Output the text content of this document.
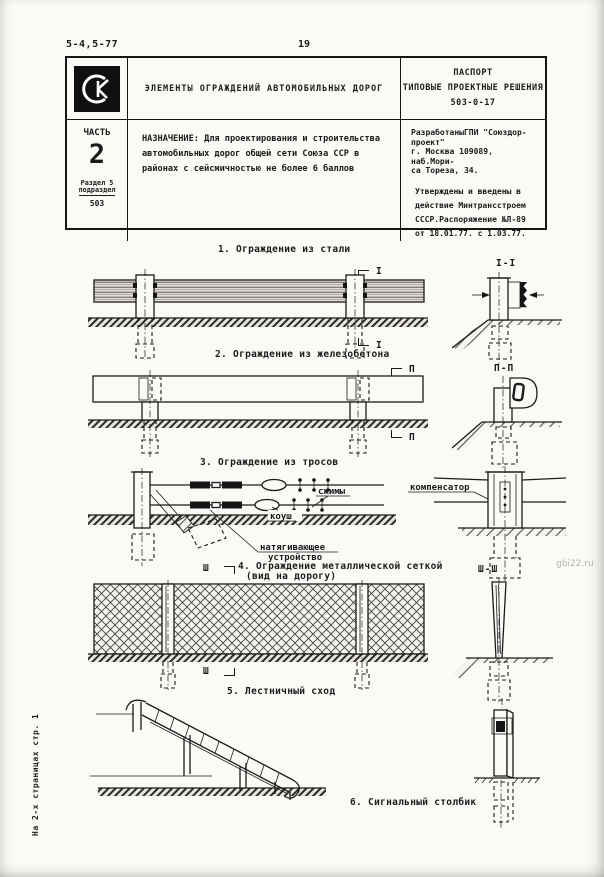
5-4,5-77	19
ЭЛЕМЕНТЫ ОГРАЖДЕНИЙ АВТОМОБИЛЬНЫХ ДОРОГ
ПАСПОРТ
ТИПОВЫЕ ПРОЕКТНЫЕ РЕШЕНИЯ
503-0-17
ЧАСТЬ
2
Раздел 5
подраздел
503
НАЗНАЧЕНИЕ: Для проектирования и строительства автомобильных дорог общей сети Союза ССР в районах с сейсмичностью не более 6 баллов
РазработаныГПИ "Союздор-
проект"
г. Москва 109089, наб.Мори-
са Тореза, 34.
Утверждены и введены в
действие Минтрансстроем
СССР.Распоряжение №Л-89
от 18.01.77. с 1.03.77.
1. Ограждение из стали
I
I
I-I
2. Ограждение из железобетона
П
П
П-П
3. Ограждение из тросов
сжимы
коуш
натягивающее
устройство
компенсатор
Ш-Ш
Ш	4. Ограждение металлической сеткой
(вид на дорогу)
Ш
5. Лестничный сход
6. Сигнальный столбик
На 2-х страницах стр. 1
gbi22.ru
